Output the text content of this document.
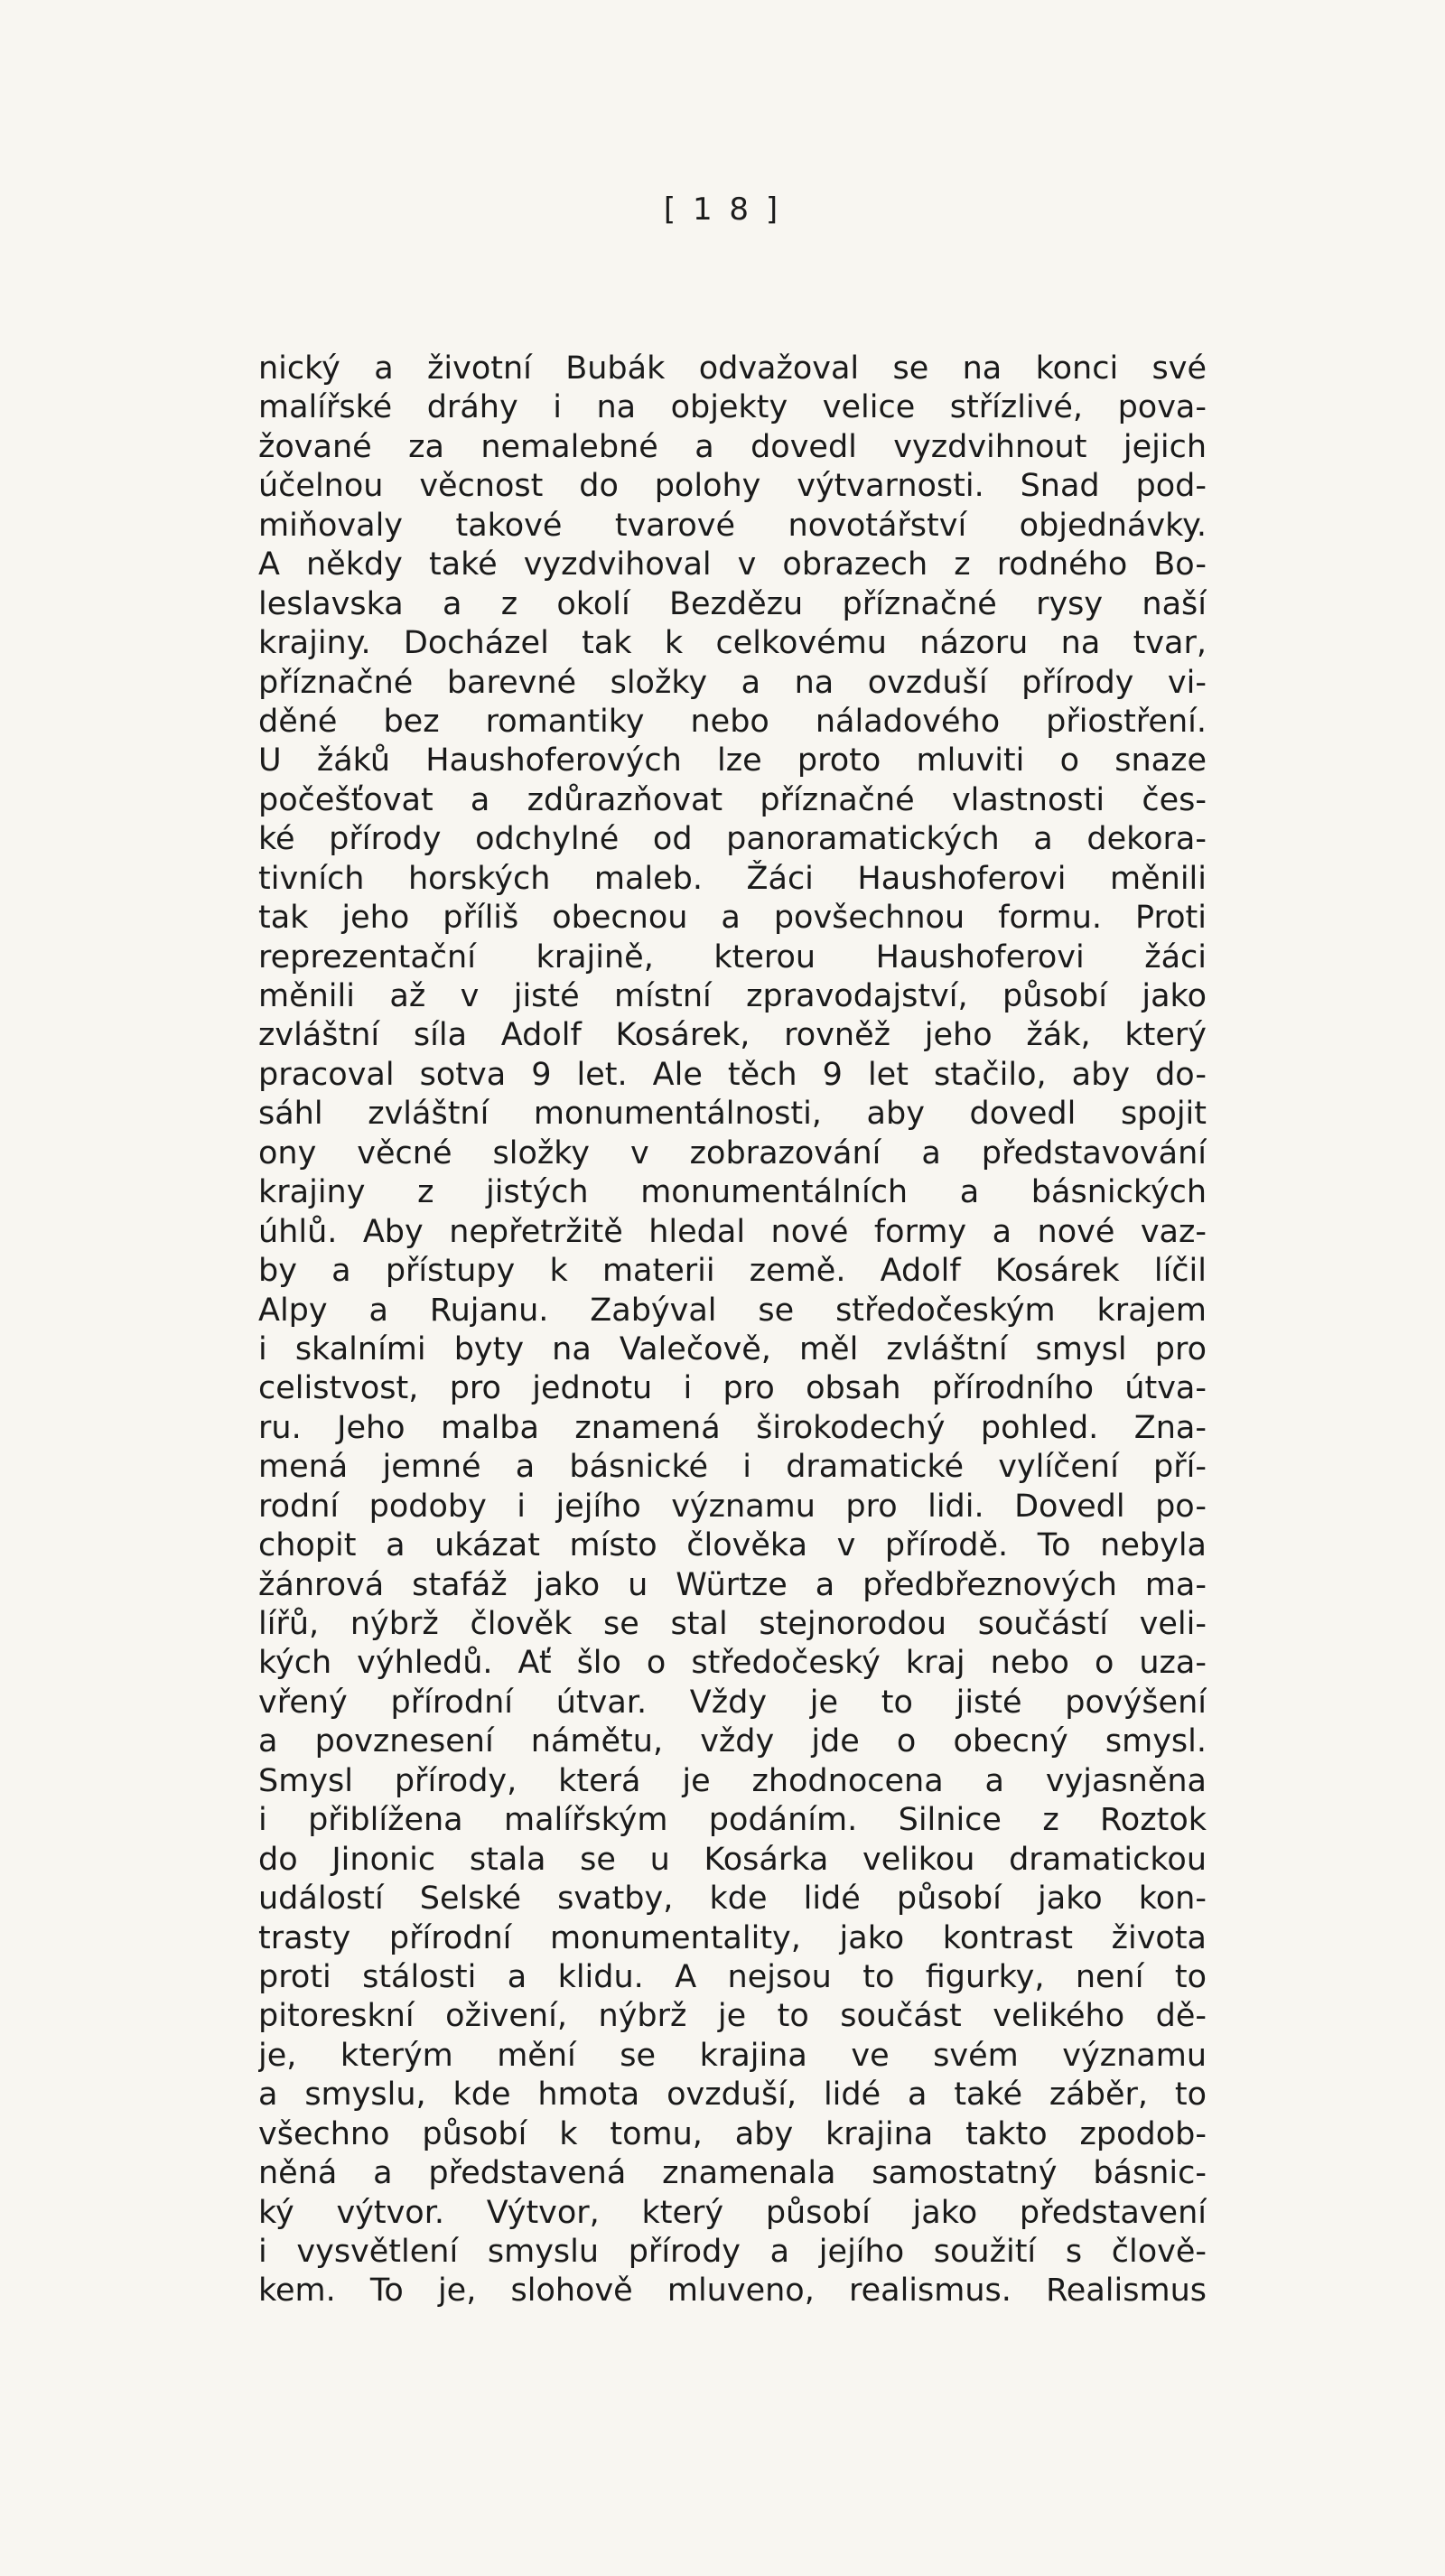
[ 1 8 ]
nický a životní Bubák odvažoval se na konci své
malířské dráhy i na objekty velice střízlivé, pova-
žované za nemalebné a dovedl vyzdvihnout jejich
účelnou věcnost do polohy výtvarnosti. Snad pod-
miňovaly takové tvarové novotářství objednávky.
A někdy také vyzdvihoval v obrazech z rodného Bo-
leslavska a z okolí Bezdězu příznačné rysy naší
krajiny. Docházel tak k celkovému názoru na tvar,
příznačné barevné složky a na ovzduší přírody vi-
děné bez romantiky nebo náladového přiostření.
U žáků Haushoferových lze proto mluviti o snaze
počešťovat a zdůrazňovat příznačné vlastnosti čes-
ké přírody odchylné od panoramatických a dekora-
tivních horských maleb. Žáci Haushoferovi měnili
tak jeho příliš obecnou a povšechnou formu. Proti
reprezentační krajině, kterou Haushoferovi žáci
měnili až v jisté místní zpravodajství, působí jako
zvláštní síla Adolf Kosárek, rovněž jeho žák, který
pracoval sotva 9 let. Ale těch 9 let stačilo, aby do-
sáhl zvláštní monumentálnosti, aby dovedl spojit
ony věcné složky v zobrazování a představování
krajiny z jistých monumentálních a básnických
úhlů. Aby nepřetržitě hledal nové formy a nové vaz-
by a přístupy k materii země. Adolf Kosárek líčil
Alpy a Rujanu. Zabýval se středočeským krajem
i skalními byty na Valečově, měl zvláštní smysl pro
celistvost, pro jednotu i pro obsah přírodního útva-
ru. Jeho malba znamená širokodechý pohled. Zna-
mená jemné a básnické i dramatické vylíčení pří-
rodní podoby i jejího významu pro lidi. Dovedl po-
chopit a ukázat místo člověka v přírodě. To nebyla
žánrová stafáž jako u Würtze a předbřeznových ma-
lířů, nýbrž člověk se stal stejnorodou součástí veli-
kých výhledů. Ať šlo o středočeský kraj nebo o uza-
vřený přírodní útvar. Vždy je to jisté povýšení
a povznesení námětu, vždy jde o obecný smysl.
Smysl přírody, která je zhodnocena a vyjasněna
i přiblížena malířským podáním. Silnice z Roztok
do Jinonic stala se u Kosárka velikou dramatickou
událostí Selské svatby, kde lidé působí jako kon-
trasty přírodní monumentality, jako kontrast života
proti stálosti a klidu. A nejsou to figurky, není to
pitoreskní oživení, nýbrž je to součást velikého dě-
je, kterým mění se krajina ve svém významu
a smyslu, kde hmota ovzduší, lidé a také záběr, to
všechno působí k tomu, aby krajina takto zpodob-
něná a představená znamenala samostatný básnic-
ký výtvor. Výtvor, který působí jako představení
i vysvětlení smyslu přírody a jejího soužití s člově-
kem. To je, slohově mluveno, realismus. Realismus
